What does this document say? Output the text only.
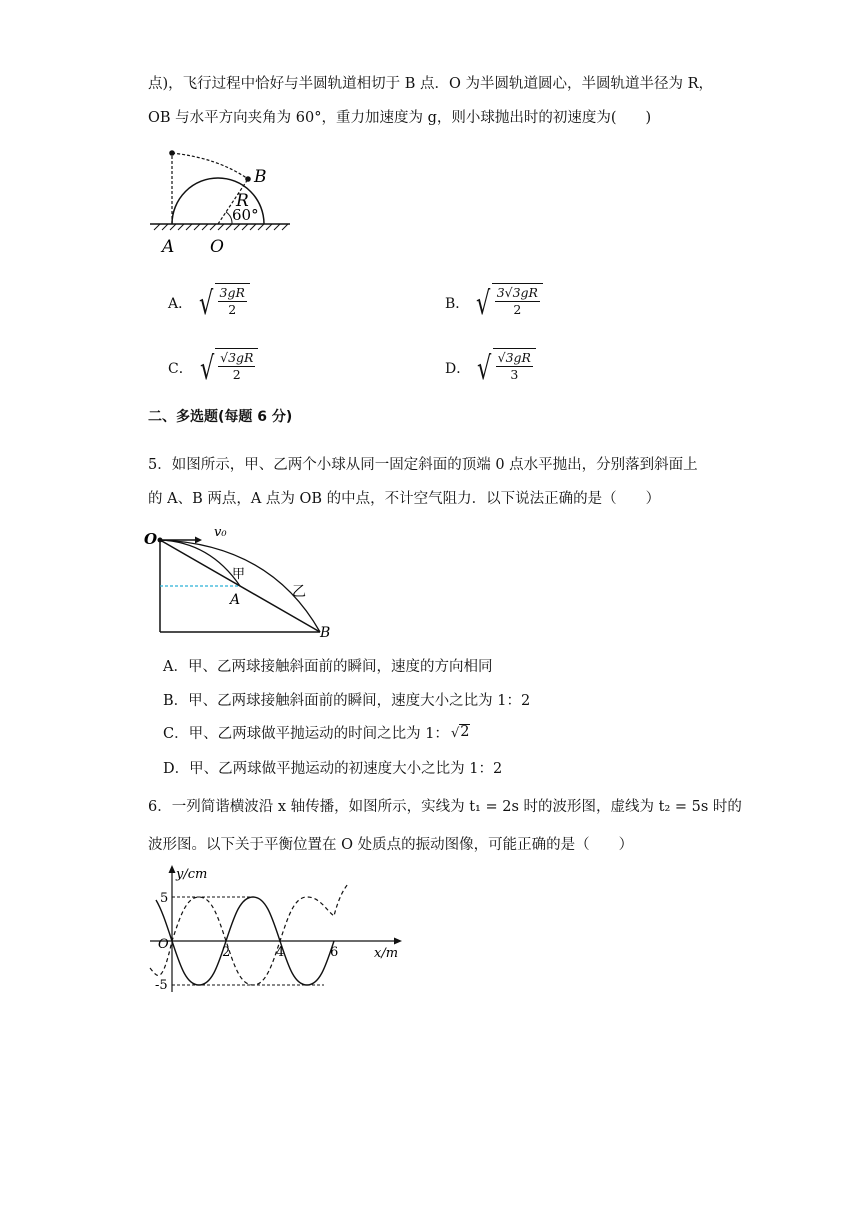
点)，飞行过程中恰好与半圆轨道相切于 B 点．O 为半圆轨道圆心，半圆轨道半径为 R，
OB 与水平方向夹角为 60°，重力加速度为 g，则小球抛出时的初速度为(　　)
B
R
60°
A O
A． √ $\frac{3gR}{2}$	B． √ $\frac{3√3gR}{2}$
C． √ $\frac{√3gR}{2}$	D． √ $\frac{√3gR}{3}$
二、多选题(每题 6 分)
5．如图所示，甲、乙两个小球从同一固定斜面的顶端 0 点水平抛出，分别落到斜面上
的 A、B 两点，A 点为 OB 的中点，不计空气阻力．以下说法正确的是（　　）
O	v₀
甲
A	乙
B
A．甲、乙两球接触斜面前的瞬间，速度的方向相同
B．甲、乙两球接触斜面前的瞬间，速度大小之比为 1：2
C．甲、乙两球做平抛运动的时间之比为 1： √ 2
D．甲、乙两球做平抛运动的初速度大小之比为 1：2
6．一列简谐横波沿 x 轴传播，如图所示，实线为 t₁ = 2s 时的波形图，虚线为 t₂ = 5s 时的
波形图。以下关于平衡位置在 O 处质点的振动图像，可能正确的是（　　）
y/cm
x/m
O
5
-5
2	4	6
